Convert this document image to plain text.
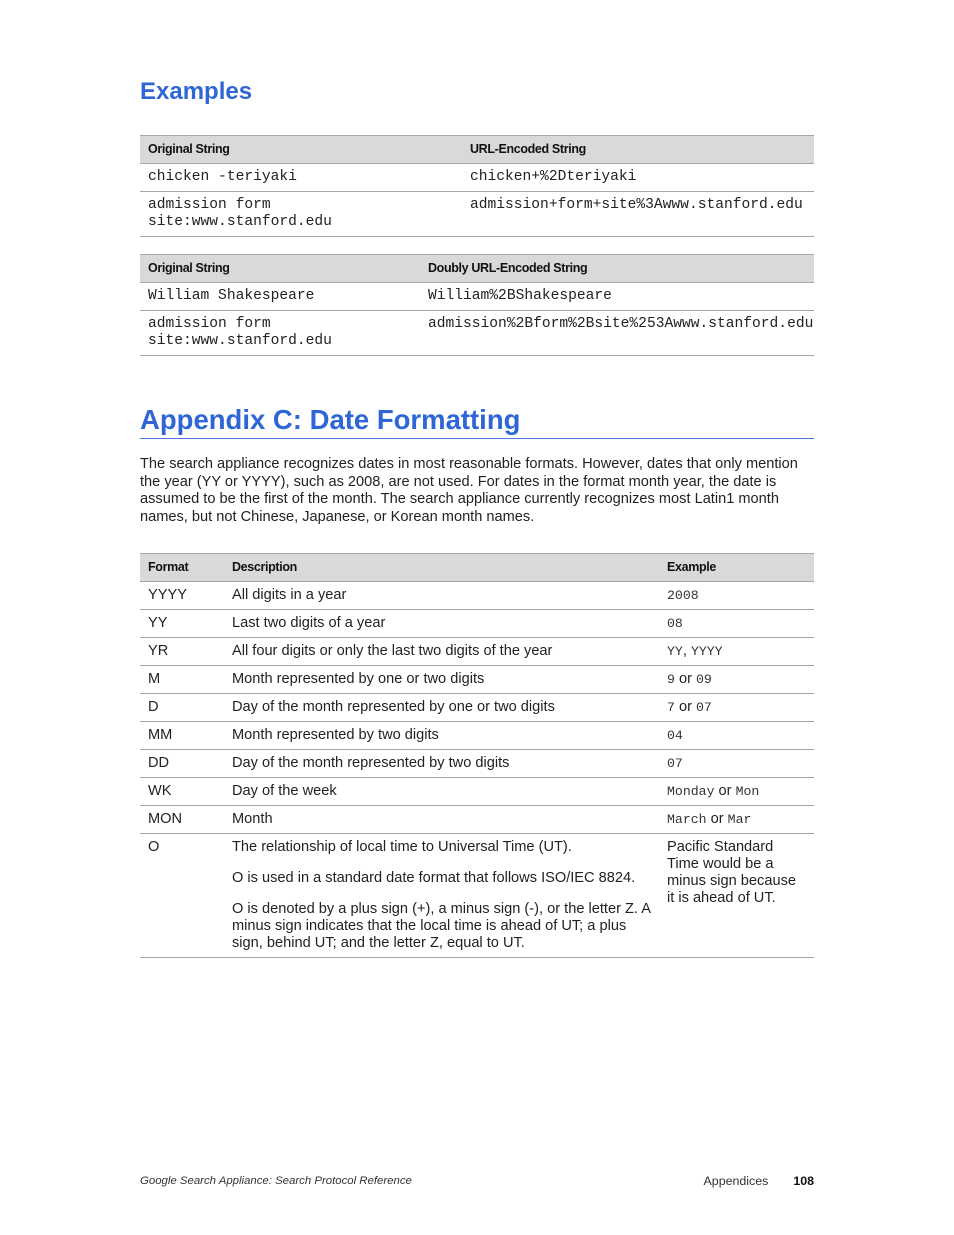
Examples
Original String	URL-Encoded String
chicken -teriyaki	chicken+%2Dteriyaki
admission form site:www.stanford.edu	admission+form+site%3Awww.stanford.edu
Original String	Doubly URL-Encoded String
William Shakespeare	William%2BShakespeare
admission form site:www.stanford.edu	admission%2Bform%2Bsite%253Awww.stanford.edu
Appendix C: Date Formatting

The search appliance recognizes dates in most reasonable formats. However, dates that only mention the year (YY or YYYY), such as 2008, are not used. For dates in the format month year, the date is assumed to be the first of the month. The search appliance currently recognizes most Latin1 month names, but not Chinese, Japanese, or Korean month names.

Format	Description	Example
YYYY	All digits in a year	2008
YY	Last two digits of a year	08
YR	All four digits or only the last two digits of the year	YY, YYYY
M	Month represented by one or two digits	9 or 09
D	Day of the month represented by one or two digits	7 or 07
MM	Month represented by two digits	04
DD	Day of the month represented by two digits	07
WK	Day of the week	Monday or Mon
MON	Month	March or Mar
O	The relationship of local time to Universal Time (UT).
O is used in a standard date format that follows ISO/IEC 8824.
O is denoted by a plus sign (+), a minus sign (-), or the letter Z. A minus sign indicates that the local time is ahead of UT; a plus sign, behind UT; and the letter Z, equal to UT.	Pacific Standard Time would be a minus sign because it is ahead of UT.
Google Search Appliance: Search Protocol Reference	Appendices 108
